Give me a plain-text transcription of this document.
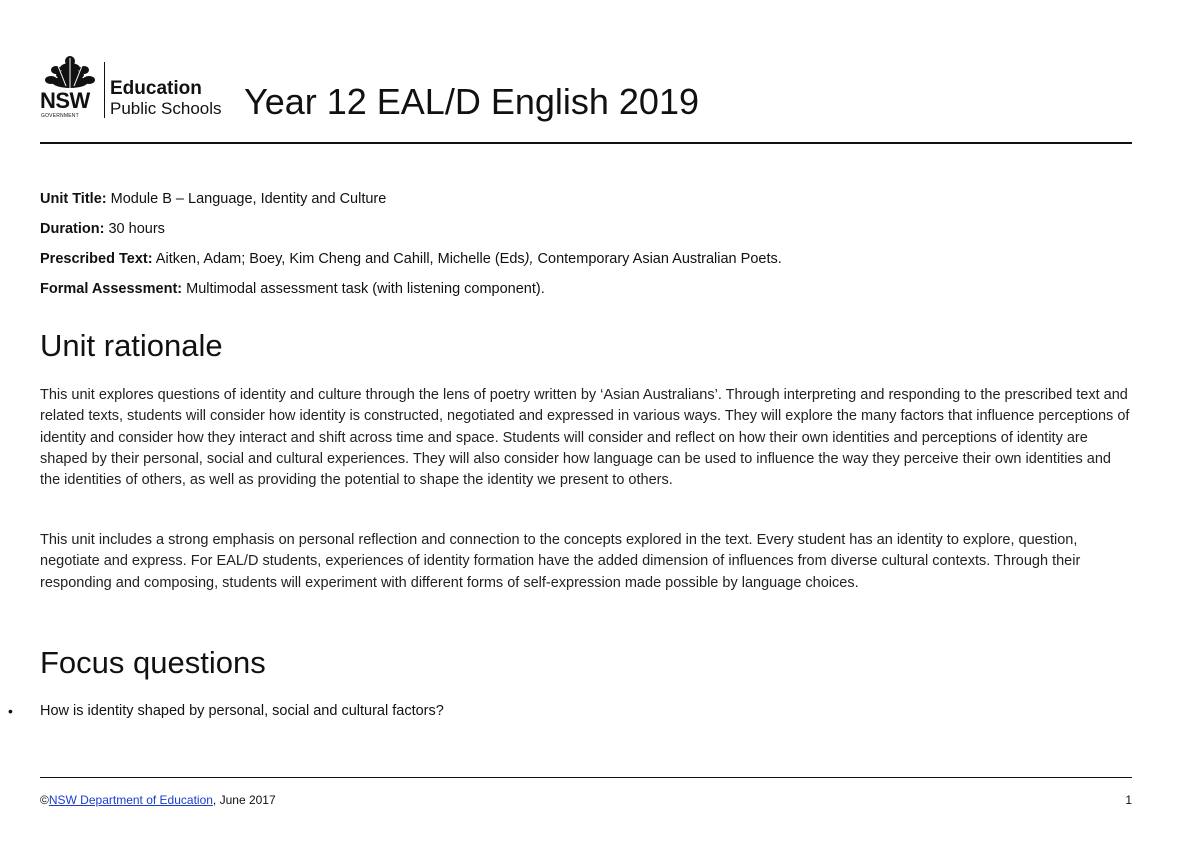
NSW
GOVERNMENT
Education
Public Schools Year 12 EAL/D English 2019
Unit Title: Module B – Language, Identity and Culture
Duration: 30 hours
Prescribed Text: Aitken, Adam; Boey, Kim Cheng and Cahill, Michelle (Eds), Contemporary Asian Australian Poets.
Formal Assessment: Multimodal assessment task (with listening component).
Unit rationale

This unit explores questions of identity and culture through the lens of poetry written by ‘Asian Australians’. Through interpreting and responding to the prescribed text and related texts, students will consider how identity is constructed, negotiated and expressed in various ways. They will explore the many factors that influence perceptions of identity and consider how they interact and shift across time and space. Students will consider and reflect on how their own identities and perceptions of identity are shaped by their personal, social and cultural experiences. They will also consider how language can be used to influence the way they perceive their own identities and the identities of others, as well as providing the potential to shape the identity we present to others.

This unit includes a strong emphasis on personal reflection and connection to the concepts explored in the text. Every student has an identity to explore, question, negotiate and express. For EAL/D students, experiences of identity formation have the added dimension of influences from diverse cultural contexts. Through their responding and composing, students will experiment with different forms of self-expression made possible by language choices.

Focus questions
• How is identity shaped by personal, social and cultural factors?
©NSW Department of Education, June 2017	1
